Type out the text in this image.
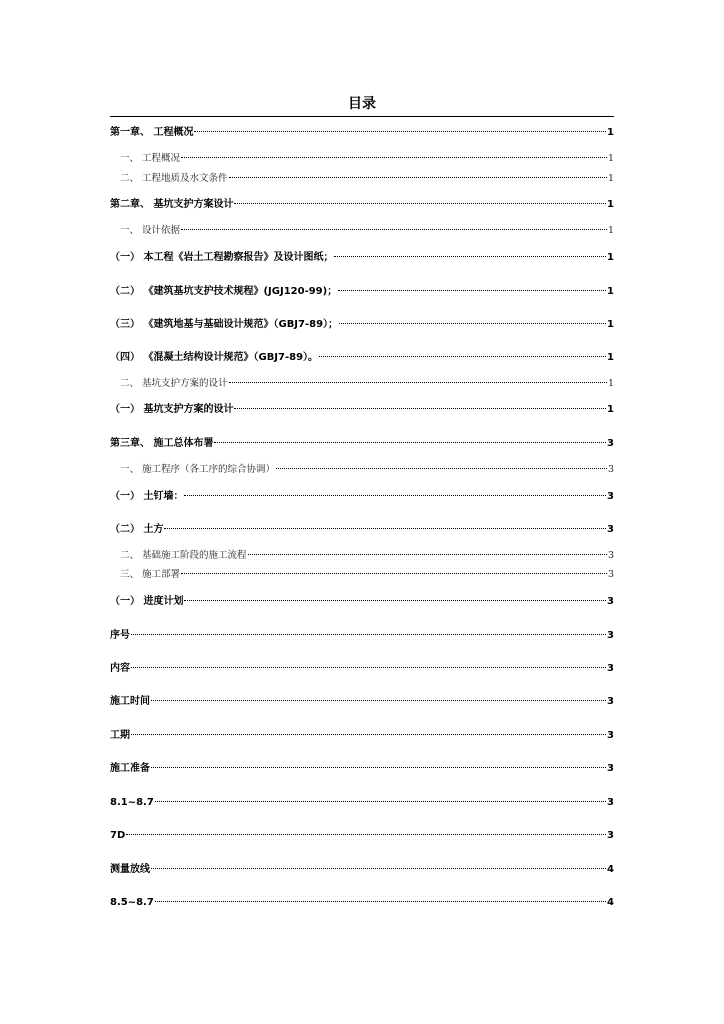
目录
第一章、 工程概况	1
一、 工程概况	1
二、 工程地质及水文条件	1
第二章、 基坑支护方案设计	1
一、 设计依据	1
（一） 本工程《岩土工程勘察报告》及设计图纸；	1
（二） 《建筑基坑支护技术规程》(JGJ120-99)；	1
（三） 《建筑地基与基础设计规范》（GBJ7-89）；	1
（四） 《混凝土结构设计规范》（GBJ7-89）。	1
二、 基坑支护方案的设计	1
（一） 基坑支护方案的设计	1
第三章、 施工总体布署	3
一、 施工程序（各工序的综合协调）	3
（一） 土钉墙：	3
（二） 土方	3
二、 基础施工阶段的施工流程	3
三、 施工部署	3
（一） 进度计划	3
序号	3
内容	3
施工时间	3
工期	3
施工准备	3
8.1~8.7	3
7D	3
测量放线	4
8.5~8.7	4
